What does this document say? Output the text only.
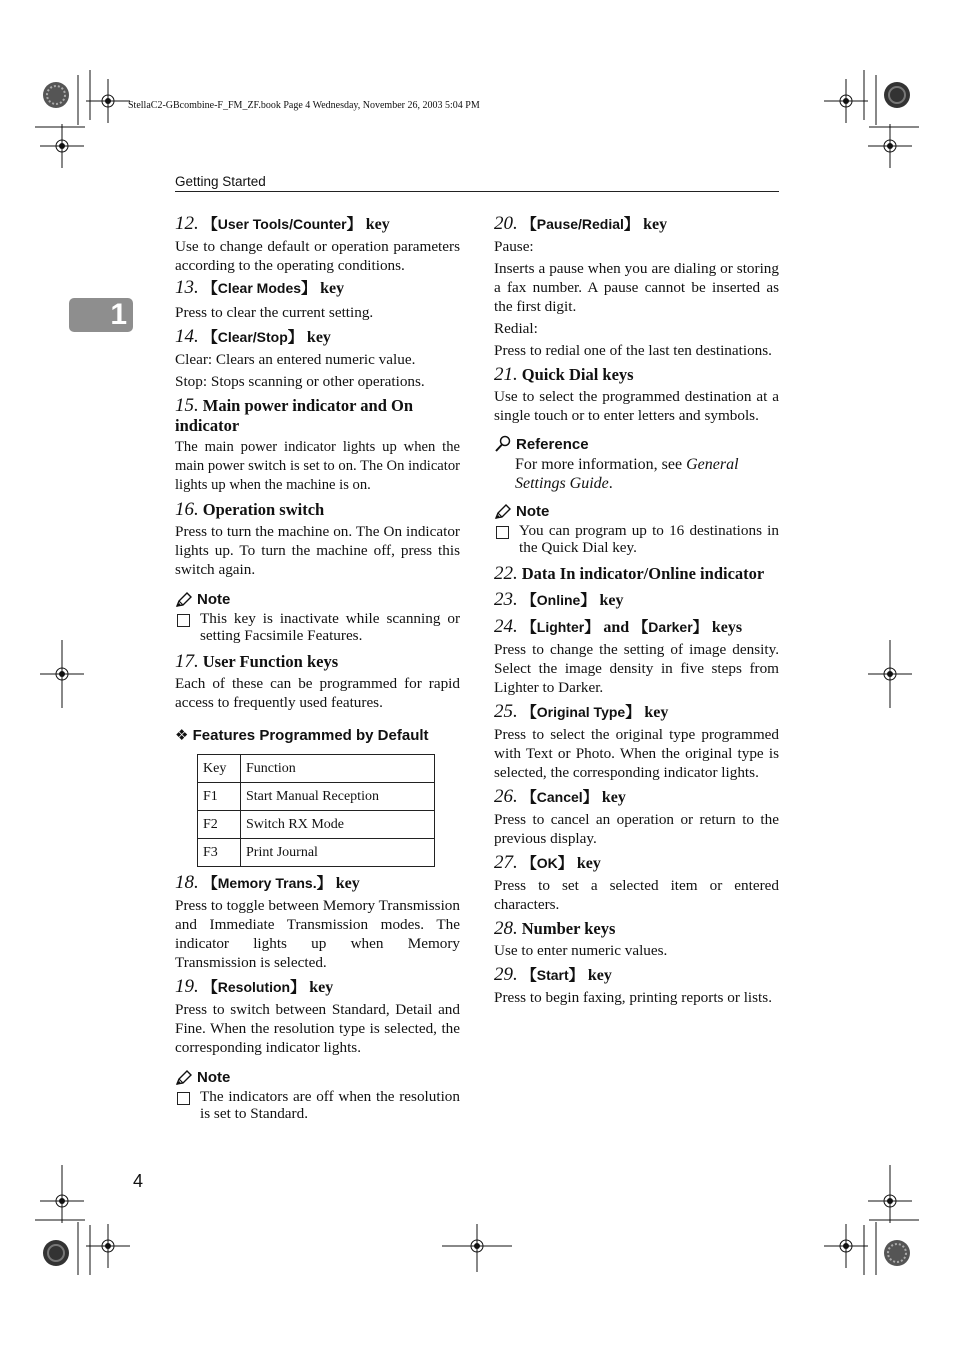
StellaC2-GBcombine-F_FM_ZF.book Page 4 Wednesday, November 26, 2003 5:04 PM
Getting Started
1
4
12. 【User Tools/Counter】 key

Use to change default or operation parameters according to the operating conditions.

13. 【Clear Modes】 key

Press to clear the current setting.

14. 【Clear/Stop】 key

Clear: Clears an entered numeric value.

Stop: Stops scanning or other operations.

15. Main power indicator and On indicator

The main power indicator lights up when the main power switch is set to on. The On indicator lights up when the machine is on.

16. Operation switch

Press to turn the machine on. The On indicator lights up. To turn the machine off, press this switch again.

Note
This key is inactivate while scanning or setting Facsimile Features.
17. User Function keys

Each of these can be programmed for rapid access to frequently used features.

❖ Features Programmed by Default
Key	Function
F1	Start Manual Reception
F2	Switch RX Mode
F3	Print Journal
18. 【Memory Trans.】 key

Press to toggle between Memory Transmission and Immediate Transmission modes. The indicator lights up when Memory Transmission is selected.

19. 【Resolution】 key

Press to switch between Standard, Detail and Fine. When the resolution type is selected, the corresponding indicator lights.

Note
The indicators are off when the resolution is set to Standard.
20. 【Pause/Redial】 key

Pause:

Inserts a pause when you are dialing or storing a fax number. A pause cannot be inserted as the first digit.

Redial:

Press to redial one of the last ten destinations.

21. Quick Dial keys

Use to select the programmed destination at a single touch or to enter letters and symbols.

Reference

For more information, see General Settings Guide.

Note
You can program up to 16 destinations in the Quick Dial key.
22. Data In indicator/Online indicator
23. 【Online】 key
24. 【Lighter】 and 【Darker】 keys

Press to change the setting of image density. Select the image density in five steps from Lighter to Darker.

25. 【Original Type】 key

Press to select the original type programmed with Text or Photo. When the original type is selected, the corresponding indicator lights.

26. 【Cancel】 key

Press to cancel an operation or return to the previous display.

27. 【OK】 key

Press to set a selected item or entered characters.

28. Number keys

Use to enter numeric values.

29. 【Start】 key

Press to begin faxing, printing reports or lists.
